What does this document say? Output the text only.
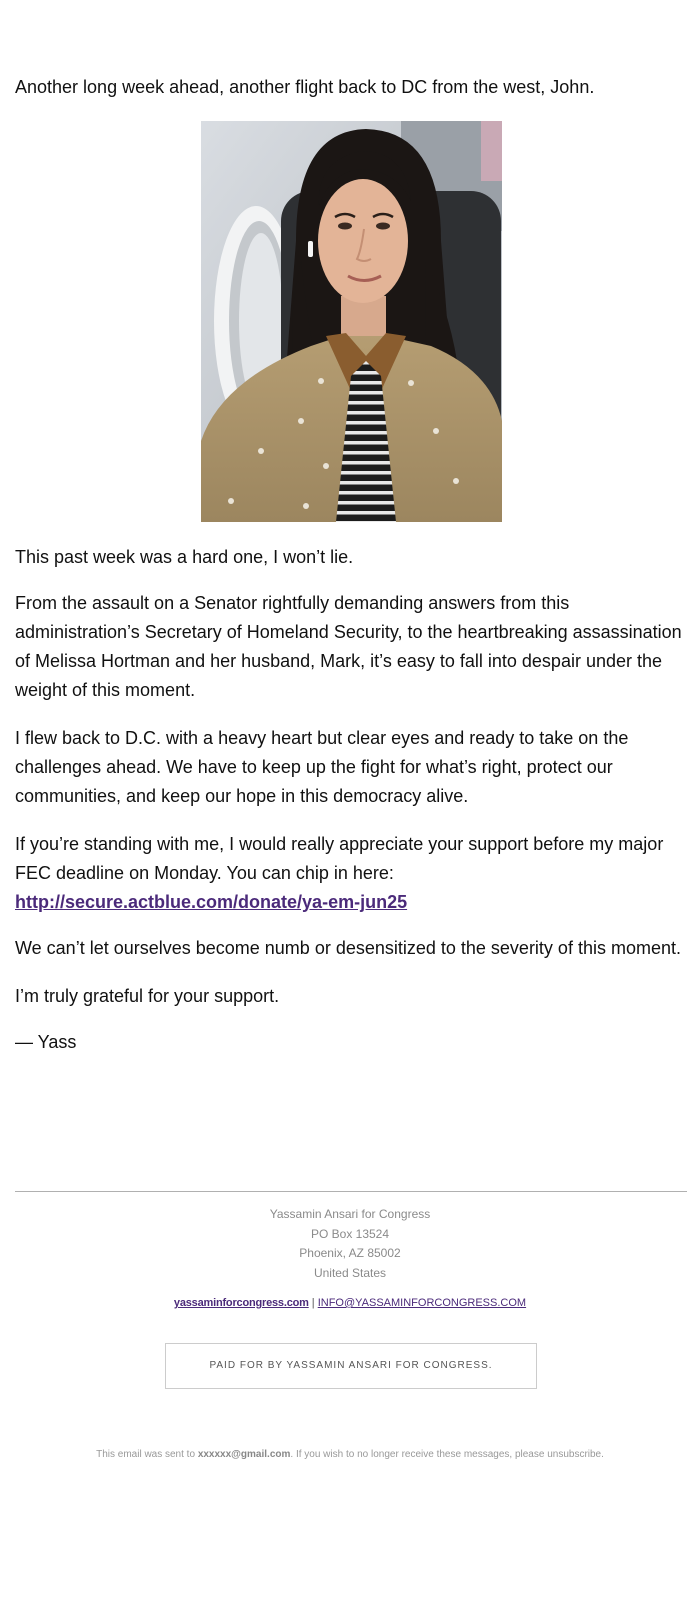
Another long week ahead, another flight back to DC from the west, John.

This past week was a hard one, I won’t lie.

From the assault on a Senator rightfully demanding answers from this administration’s Secretary of Homeland Security, to the heartbreaking assassination of Melissa Hortman and her husband, Mark, it’s easy to fall into despair under the weight of this moment.

I flew back to D.C. with a heavy heart but clear eyes and ready to take on the challenges ahead. We have to keep up the fight for what’s right, protect our communities, and keep our hope in this democracy alive.

If you’re standing with me, I would really appreciate your support before my major FEC deadline on Monday. You can chip in here:
http://secure.actblue.com/donate/ya-em-jun25

We can’t let ourselves become numb or desensitized to the severity of this moment.

I’m truly grateful for your support.

— Yass

Yassamin Ansari for Congress
PO Box 13524
Phoenix, AZ 85002
United States
yassaminforcongress.com | INFO@YASSAMINFORCONGRESS.COM
PAID FOR BY YASSAMIN ANSARI FOR CONGRESS.
This email was sent to xxxxxx@gmail.com. If you wish to no longer receive these messages, please unsubscribe.
